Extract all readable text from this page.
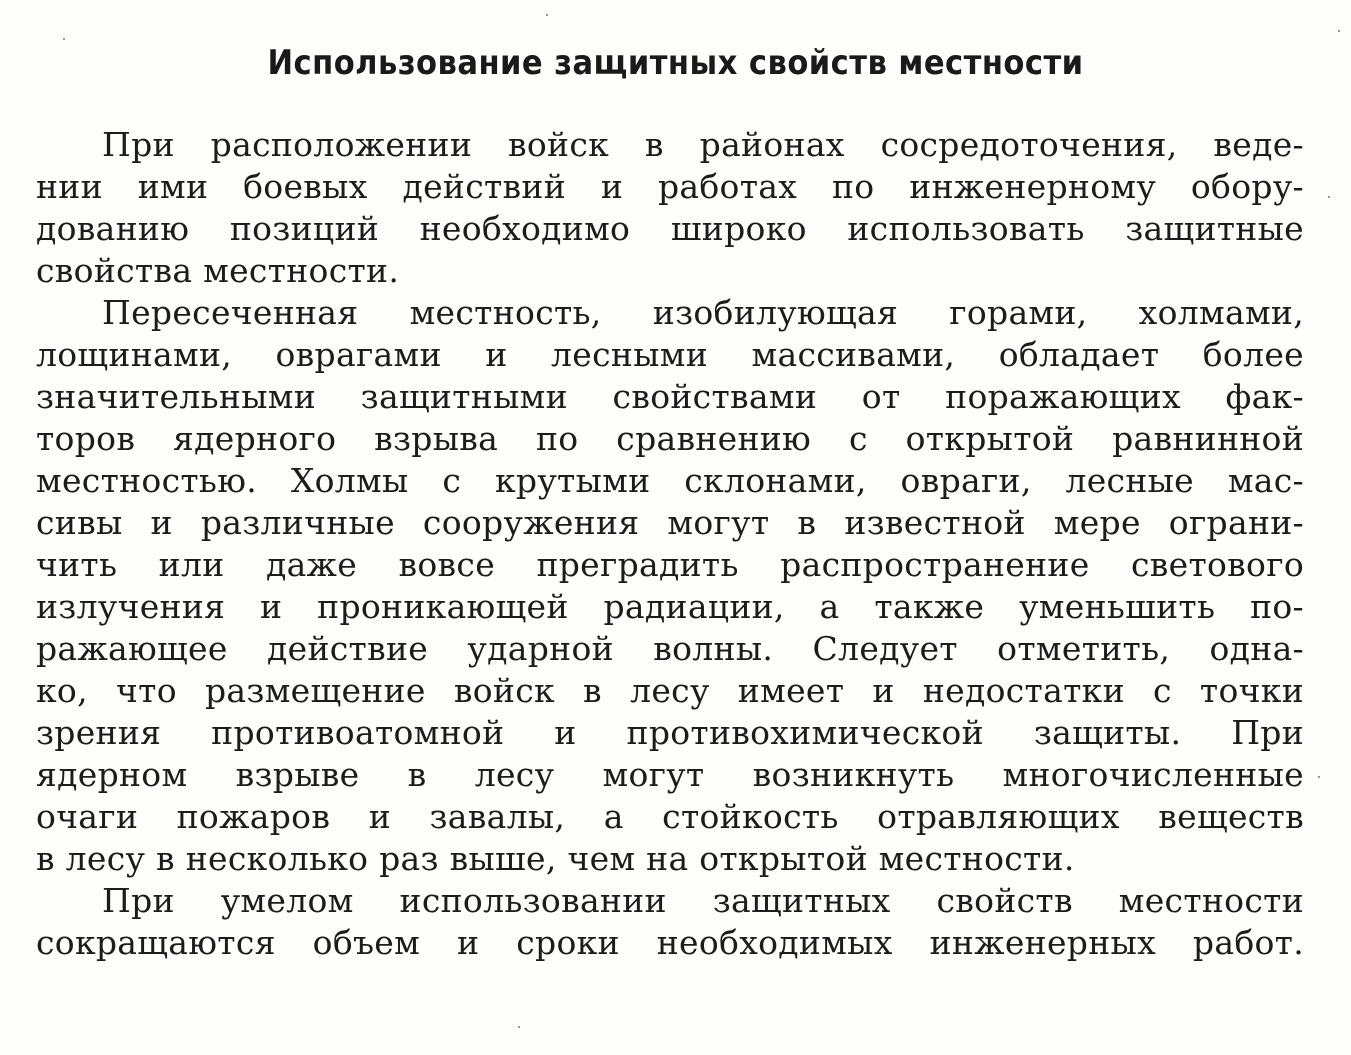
Использование защитных свойств местности
При расположении войск в районах сосредоточения, веде-
нии ими боевых действий и работах по инженерному обору-
дованию позиций необходимо широко использовать защитные
свойства местности.
Пересеченная местность, изобилующая горами, холмами,
лощинами, оврагами и лесными массивами, обладает более
значительными защитными свойствами от поражающих фак-
торов ядерного взрыва по сравнению с открытой равнинной
местностью. Холмы с крутыми склонами, овраги, лесные мас-
сивы и различные сооружения могут в известной мере ограни-
чить или даже вовсе преградить распространение светового
излучения и проникающей радиации, а также уменьшить по-
ражающее действие ударной волны. Следует отметить, одна-
ко, что размещение войск в лесу имеет и недостатки с точки
зрения противоатомной и противохимической защиты. При
ядерном взрыве в лесу могут возникнуть многочисленные
очаги пожаров и завалы, а стойкость отравляющих веществ
в лесу в несколько раз выше, чем на открытой местности.
При умелом использовании защитных свойств местности
сокращаются объем и сроки необходимых инженерных работ.
